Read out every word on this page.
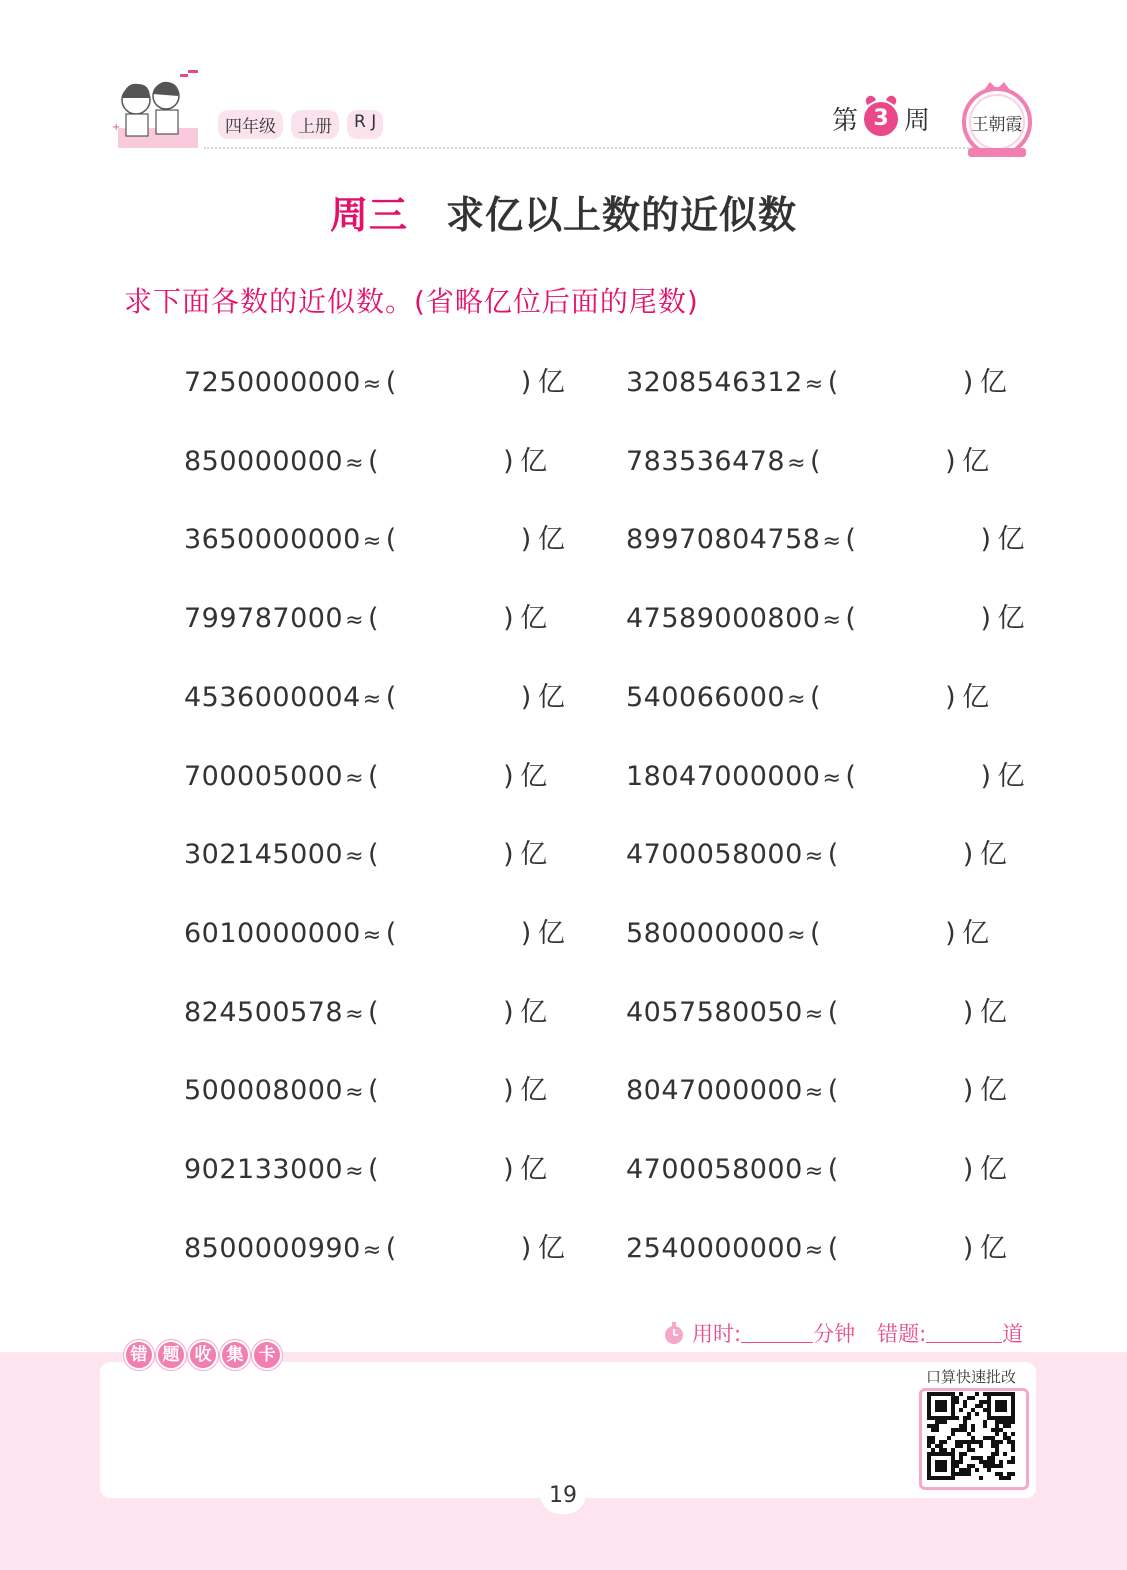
+	四年级	上册	R J	第 3 周 王朝霞
周三 求亿以上数的近似数
求下面各数的近似数。(省略亿位后面的尾数)
7250000000≈ (	) 亿
850000000≈ (	) 亿
3650000000≈ (	) 亿
799787000≈ (	) 亿
4536000004≈ (	) 亿
700005000≈ (	) 亿
302145000≈ (	) 亿
6010000000≈ (	) 亿
824500578≈ (	) 亿
500008000≈ (	) 亿
902133000≈ (	) 亿
8500000990≈ (	) 亿
3208546312≈ (	) 亿
783536478≈ (	) 亿
89970804758≈ (	) 亿
47589000800≈ (	) 亿
540066000≈ (	) 亿
18047000000≈ (	) 亿
4700058000≈ (	) 亿
580000000≈ (	) 亿
4057580050≈ (	) 亿
8047000000≈ (	) 亿
4700058000≈ (	) 亿
2540000000≈ (	) 亿
用时:	分钟 错题:	道
错 题 收 集 卡
口算快速批改
19
